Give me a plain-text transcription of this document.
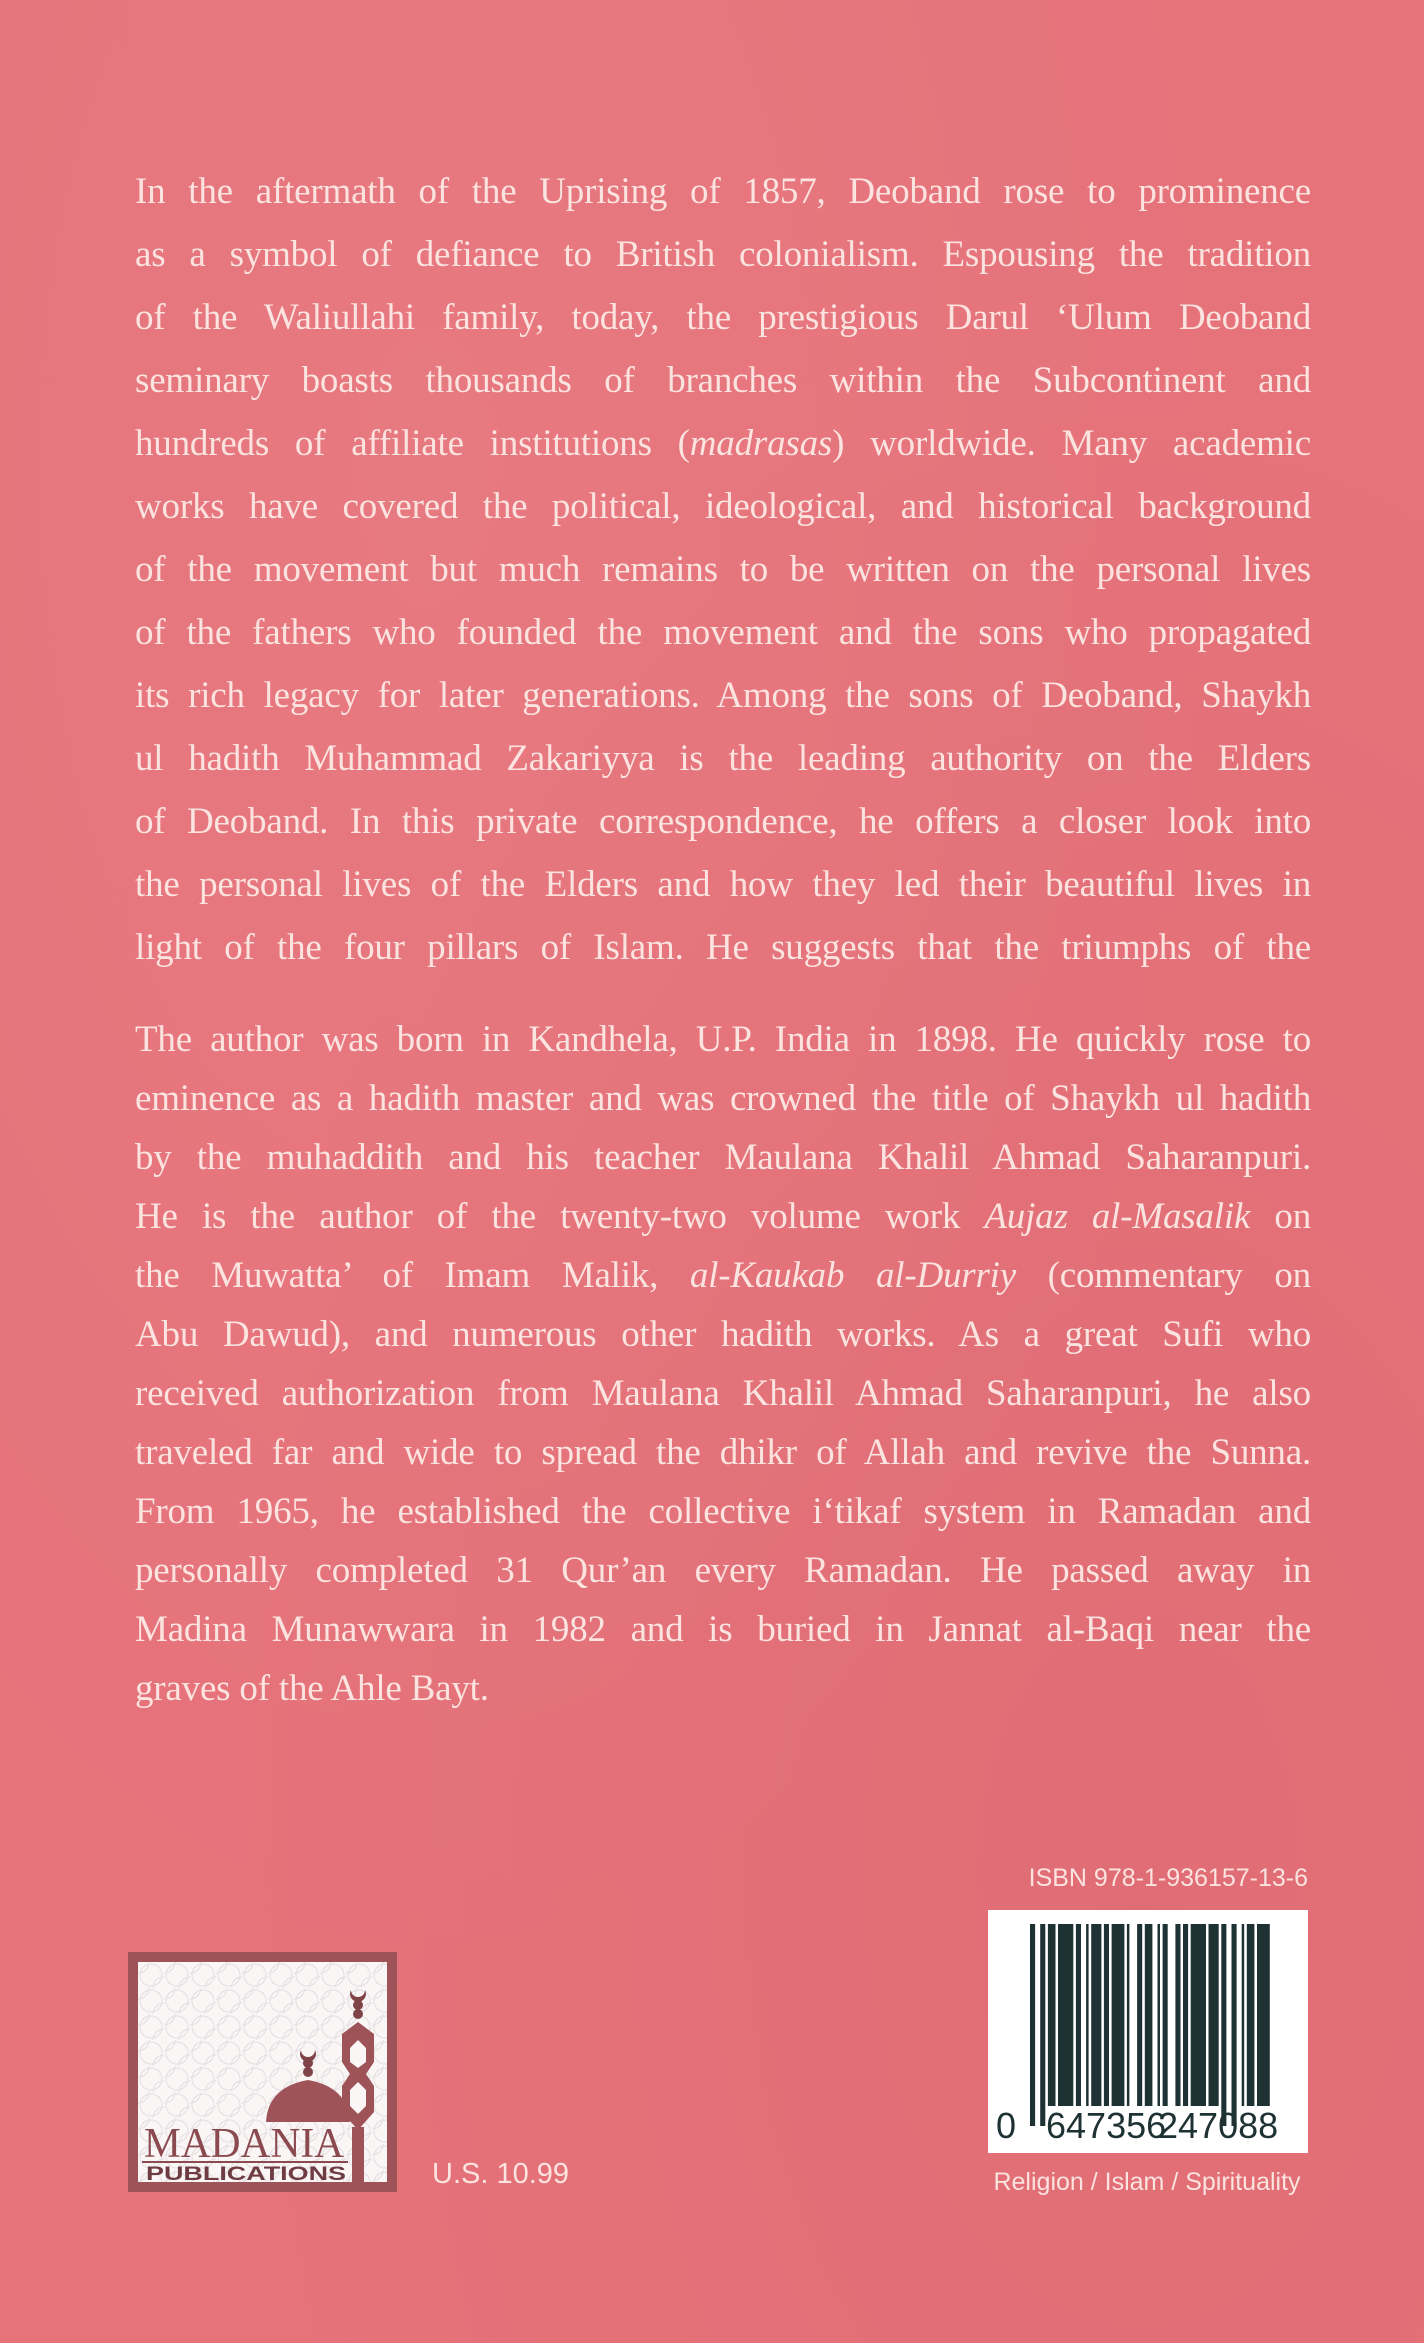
In the aftermath of the Uprising of 1857, Deoband rose to prominence
as a symbol of defiance to British colonialism. Espousing the tradition
of the Waliullahi family, today, the prestigious Darul ‘Ulum Deoband
seminary boasts thousands of branches within the Subcontinent and
hundreds of affiliate institutions (madrasas) worldwide. Many academic
works have covered the political, ideological, and historical background
of the movement but much remains to be written on the personal lives
of the fathers who founded the movement and the sons who propagated
its rich legacy for later generations. Among the sons of Deoband, Shaykh
ul hadith Muhammad Zakariyya is the leading authority on the Elders
of Deoband. In this private correspondence, he offers a closer look into
the personal lives of the Elders and how they led their beautiful lives in
light of the four pillars of Islam. He suggests that the triumphs of the
The author was born in Kandhela, U.P. India in 1898. He quickly rose to
eminence as a hadith master and was crowned the title of Shaykh ul hadith
by the muhaddith and his teacher Maulana Khalil Ahmad Saharanpuri.
He is the author of the twenty-two volume work Aujaz al-Masalik on
the Muwatta’ of Imam Malik, al-Kaukab al-Durriy (commentary on
Abu Dawud), and numerous other hadith works. As a great Sufi who
received authorization from Maulana Khalil Ahmad Saharanpuri, he also
traveled far and wide to spread the dhikr of Allah and revive the Sunna.
From 1965, he established the collective i‘tikaf system in Ramadan and
personally completed 31 Qur’an every Ramadan. He passed away in
Madina Munawwara in 1982 and is buried in Jannat al-Baqi near the
graves of the Ahle Bayt.
MADANIA
PUBLICATIONS	U.S. 10.99
ISBN 978-1-936157-13-6
0 647356
247088
Religion / Islam / Spirituality
